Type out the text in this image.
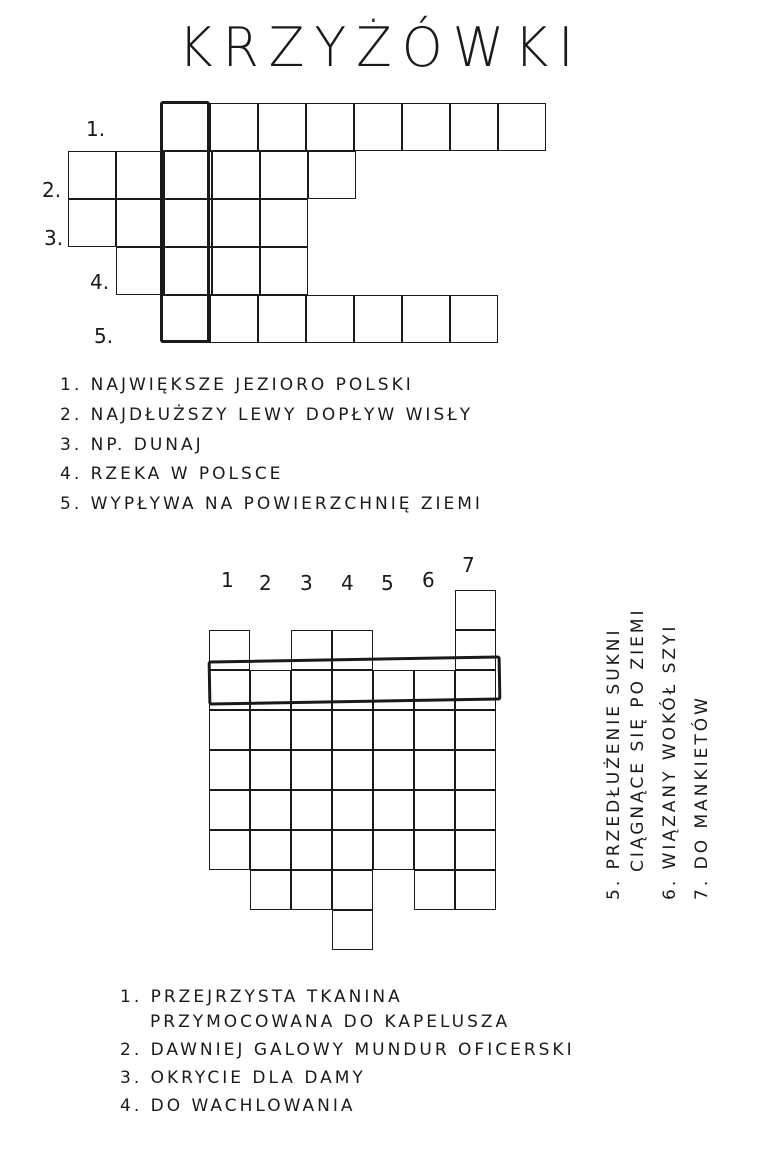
KRZYŻÓWKI
1.
2.
3.
4.
5.
1. NAJWIĘKSZE JEZIORO POLSKI
2. NAJDŁUŻSZY LEWY DOPŁYW WISŁY
3. NP. DUNAJ
4. RZEKA W POLSCE
5. WYPŁYWA NA POWIERZCHNIĘ ZIEMI
1 2 3 4 5 6
7
5. PRZEDŁUŻENIE SUKNI CIĄGNĄCE SIĘ PO ZIEMI 6. WIĄZANY WOKÓŁ SZYI 7. DO MANKIETÓW
1. PRZEJRZYSTA TKANINA
PRZYMOCOWANA DO KAPELUSZA
2. DAWNIEJ GALOWY MUNDUR OFICERSKI
3. OKRYCIE DLA DAMY
4. DO WACHLOWANIA
